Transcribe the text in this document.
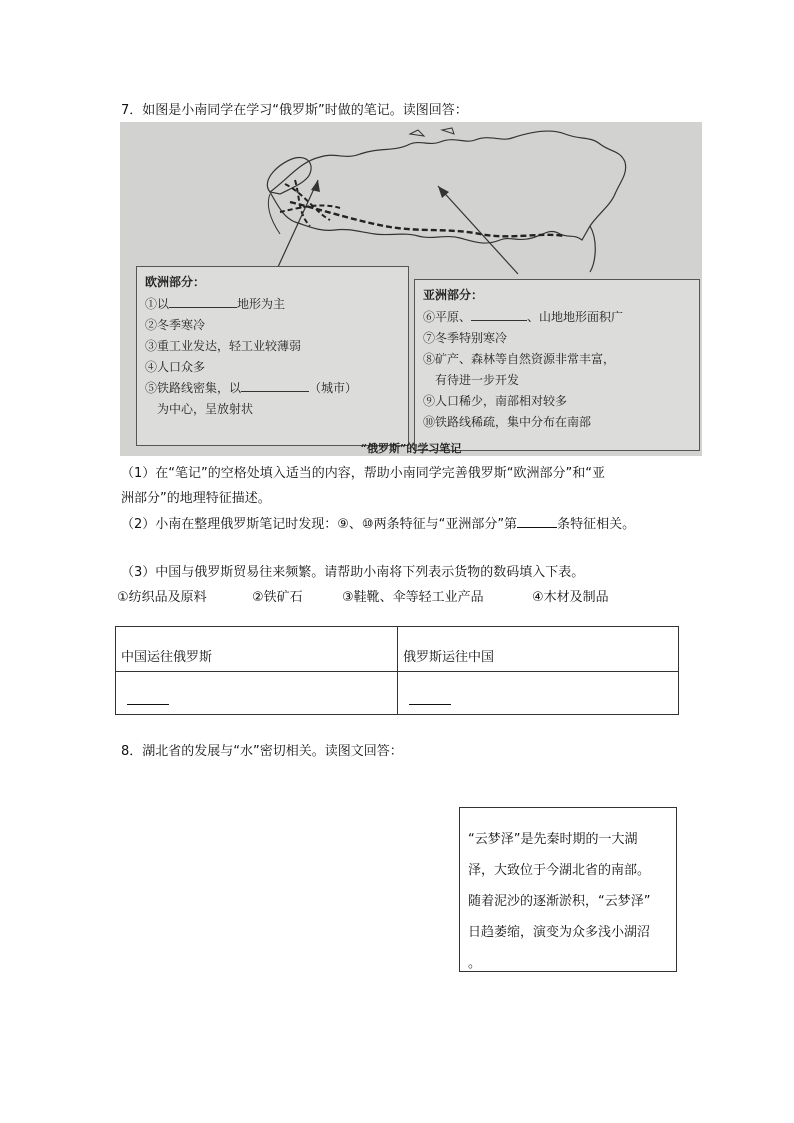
7．如图是小南同学在学习“俄罗斯”时做的笔记。读图回答：
欧洲部分：
①以	地形为主
②冬季寒冷
③重工业发达，轻工业较薄弱
④人口众多
⑤铁路线密集，以	（城市）
为中心，呈放射状
亚洲部分：
⑥平原、	、山地地形面积广
⑦冬季特别寒冷
⑧矿产、森林等自然资源非常丰富，
有待进一步开发
⑨人口稀少，南部相对较多
⑩铁路线稀疏，集中分布在南部
“俄罗斯”的学习笔记
（1）在“笔记”的空格处填入适当的内容，帮助小南同学完善俄罗斯“欧洲部分”和“亚
洲部分”的地理特征描述。
（2）小南在整理俄罗斯笔记时发现：⑨、⑩两条特征与“亚洲部分”第	条特征相关。
（3）中国与俄罗斯贸易往来频繁。请帮助小南将下列表示货物的数码填入下表。
①纺织品及原料	②铁矿石	③鞋靴、伞等轻工业产品	④木材及制品
中国运往俄罗斯	俄罗斯运往中国
8．湖北省的发展与“水”密切相关。读图文回答：
“云梦泽”是先秦时期的一大湖
泽，大致位于今湖北省的南部。
随着泥沙的逐渐淤积，“云梦泽”
日趋萎缩，演变为众多浅小湖沼
。
